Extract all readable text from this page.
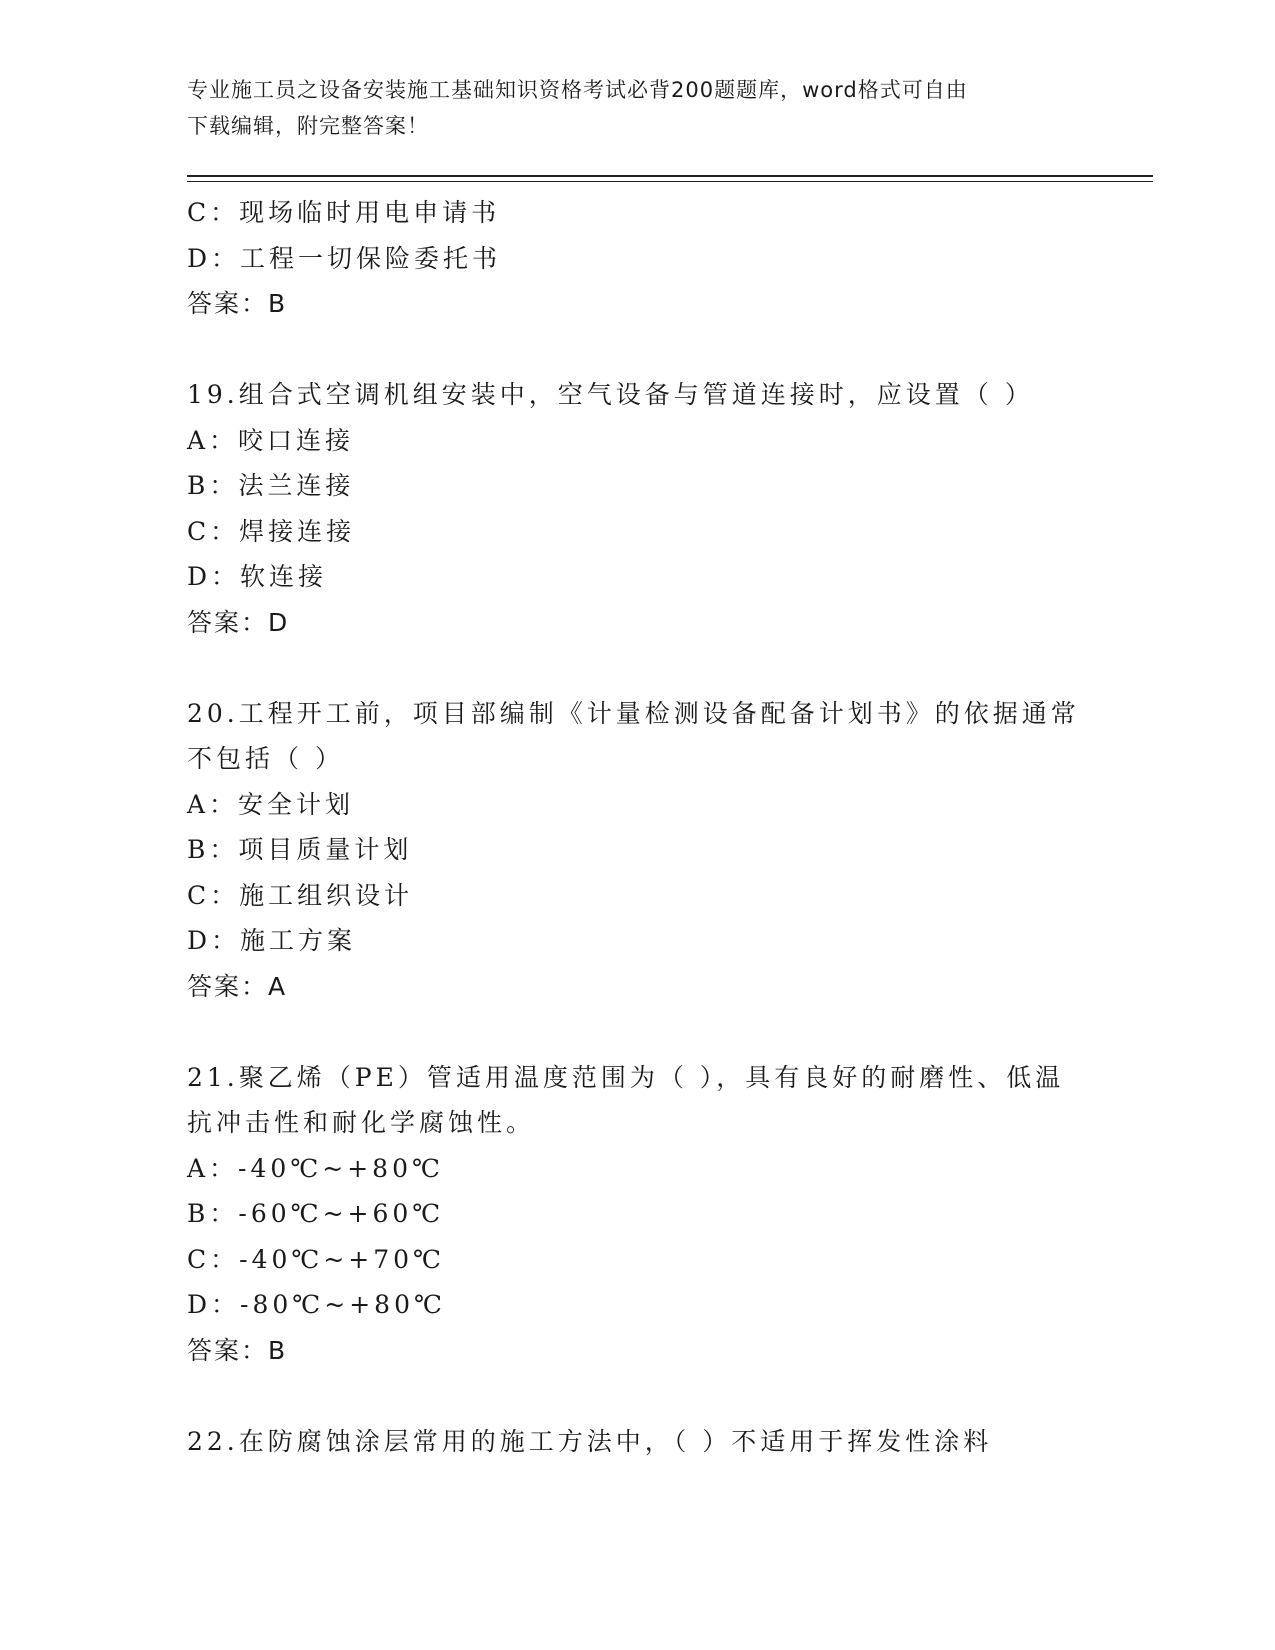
专业施工员之设备安装施工基础知识资格考试必背200题题库，word格式可自由
下载编辑，附完整答案！
C：现场临时用电申请书
D：工程一切保险委托书
答案：B
19.组合式空调机组安装中，空气设备与管道连接时，应设置（ ）
A：咬口连接
B：法兰连接
C：焊接连接
D：软连接
答案：D
20.工程开工前，项目部编制《计量检测设备配备计划书》的依据通常
不包括（ ）
A：安全计划
B：项目质量计划
C：施工组织设计
D：施工方案
答案：A
21.聚乙烯（PE）管适用温度范围为（ ），具有良好的耐磨性、低温
抗冲击性和耐化学腐蚀性。
A：-40℃~+80℃
B：-60℃~+60℃
C：-40℃~+70℃
D：-80℃~+80℃
答案：B
22.在防腐蚀涂层常用的施工方法中，（ ）不适用于挥发性涂料
